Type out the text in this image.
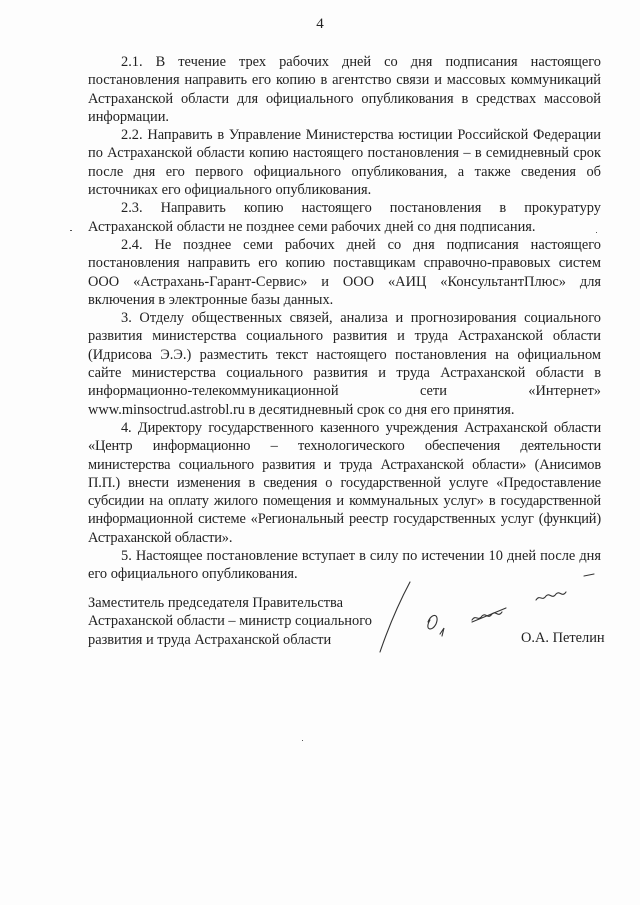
4

2.1. В течение трех рабочих дней со дня подписания настоящего постановления направить его копию в агентство связи и массовых коммуникаций Астраханской области для официального опубликования в средствах массовой информации.

2.2. Направить в Управление Министерства юстиции Российской Федерации по Астраханской области копию настоящего постановления – в семидневный срок после дня его первого официального опубликования, а также сведения об источниках его официального опубликования.

2.3. Направить копию настоящего постановления в прокуратуру Астраханской области не позднее семи рабочих дней со дня подписания.

2.4. Не позднее семи рабочих дней со дня подписания настоящего постановления направить его копию поставщикам справочно-правовых систем ООО «Астрахань-Гарант-Сервис» и ООО «АИЦ «КонсультантПлюс» для включения в электронные базы данных.

3. Отделу общественных связей, анализа и прогнозирования социального развития министерства социального развития и труда Астраханской области (Идрисова Э.Э.) разместить текст настоящего постановления на официальном сайте министерства социального развития и труда Астраханской области в информационно-телекоммуникационной сети «Интернет» www.minsoctrud.astrobl.ru в десятидневный срок со дня его принятия.

4. Директору государственного казенного учреждения Астраханской области «Центр информационно – технологического обеспечения деятельности министерства социального развития и труда Астраханской области» (Анисимов П.П.) внести изменения в сведения о государственной услуге «Предоставление субсидии на оплату жилого помещения и коммунальных услуг» в государственной информационной системе «Региональный реестр государственных услуг (функций) Астраханской области».

5. Настоящее постановление вступает в силу по истечении 10 дней после дня его официального опубликования.

Заместитель председателя Правительства
Астраханской области – министр социального
развития и труда Астраханской области	О.А. Петелин
